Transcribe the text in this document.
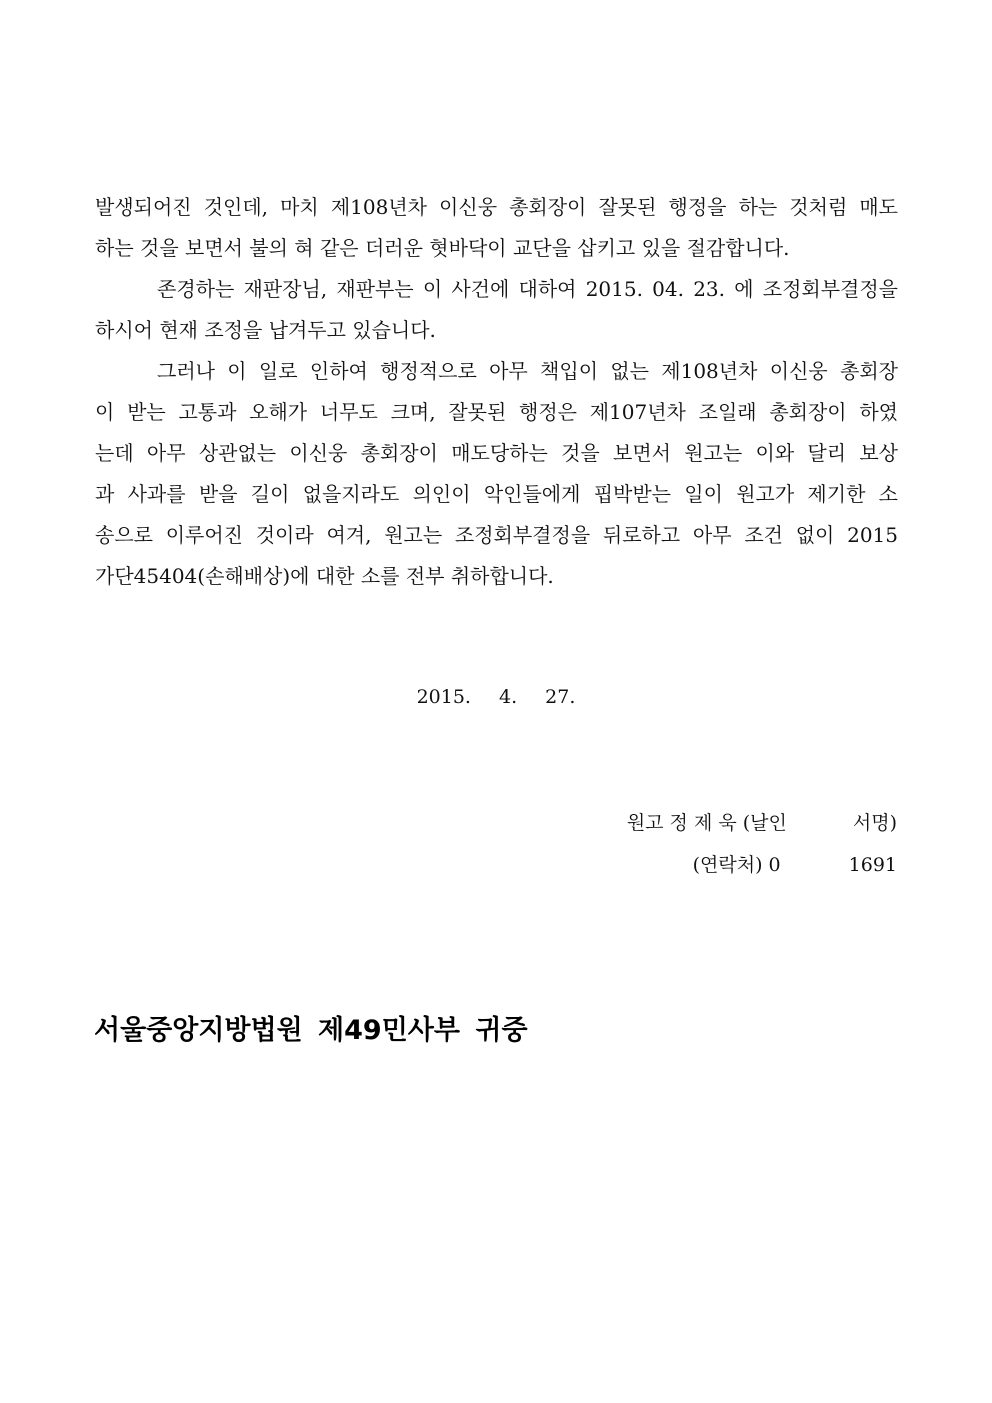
발생되어진 것인데, 마치 제108년차 이신웅 총회장이 잘못된 행정을 하는 것처럼 매도
하는 것을 보면서 불의 혀 같은 더러운 혓바닥이 교단을 삽키고 있을 절감합니다.
존경하는 재판장님, 재판부는 이 사건에 대하여 2015. 04. 23. 에 조정회부결정을
하시어 현재 조정을 납겨두고 있습니다.
그러나 이 일로 인하여 행정적으로 아무 책입이 없는 제108년차 이신웅 총회장
이 받는 고통과 오해가 너무도 크며, 잘못된 행정은 제107년차 조일래 총회장이 하였
는데 아무 상관없는 이신웅 총회장이 매도당하는 것을 보면서 원고는 이와 달리 보상
과 사과를 받을 길이 없을지라도 의인이 악인들에게 핍박받는 일이 원고가 제기한 소
송으로 이루어진 것이라 여겨, 원고는 조정회부결정을 뒤로하고 아무 조건 없이 2015
가단45404(손해배상)에 대한 소를 전부 취하합니다.
2015. 4. 27.
원고 정 제 욱 (날인	서명)
(연락처) 0	1691
서울중앙지방법원 제49민사부 귀중
